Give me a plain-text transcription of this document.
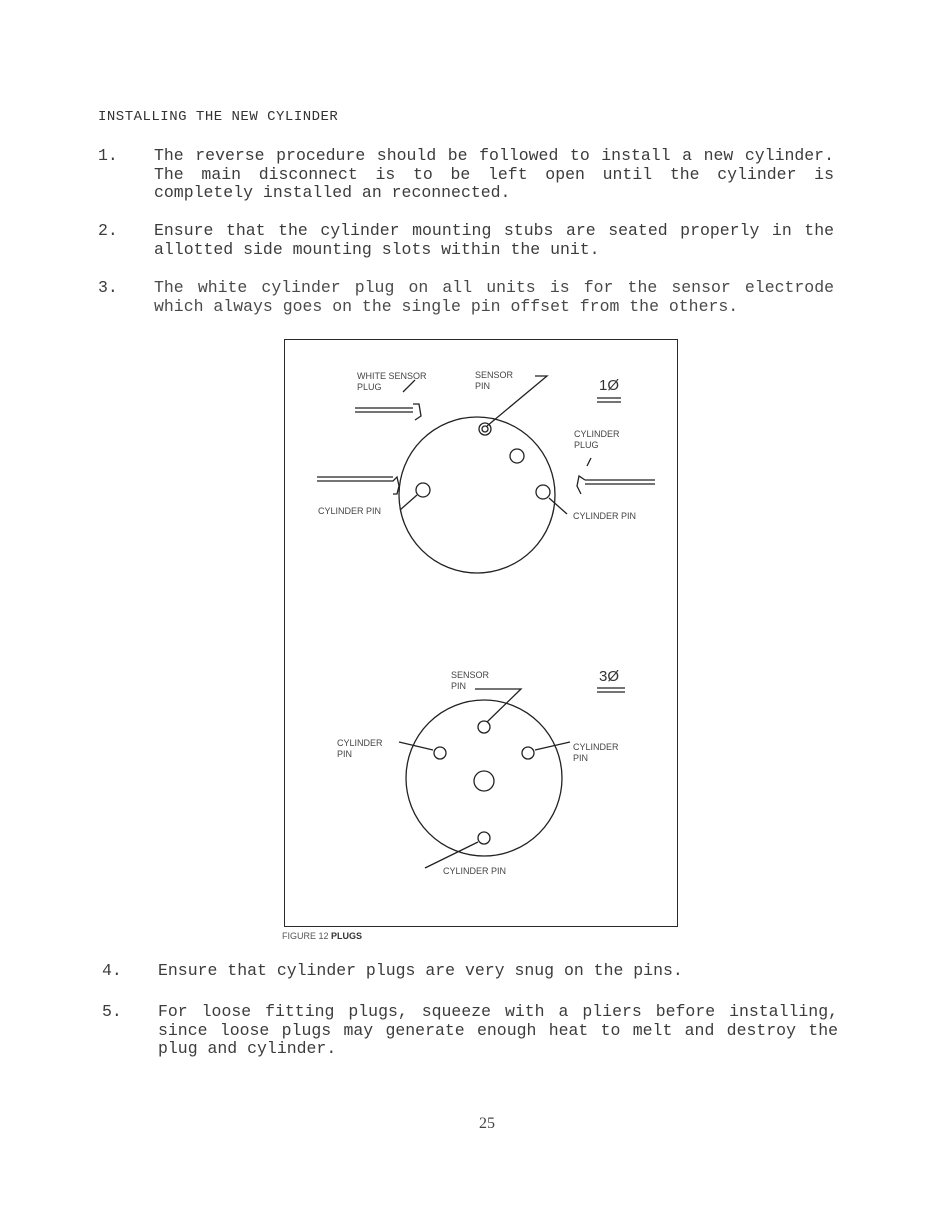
INSTALLING THE NEW CYLINDER
1. The reverse procedure should be followed to install a new cylinder. The main disconnect is to be left open until the cylinder is completely installed an reconnected.
2. Ensure that the cylinder mounting stubs are seated properly in the allotted side mounting slots within the unit.
3. The white cylinder plug on all units is for the sensor electrode which always goes on the single pin offset from the others.
WHITE SENSOR
PLUG
SENSOR
PIN	1Ø
CYLINDER
PLUG
CYLINDER PIN	CYLINDER PIN
SENSOR
PIN
3Ø
CYLINDER
PIN
CYLINDER
PIN
CYLINDER PIN
FIGURE 12 PLUGS
4. Ensure that cylinder plugs are very snug on the pins.
5. For loose fitting plugs, squeeze with a pliers before installing, since loose plugs may generate enough heat to melt and destroy the plug and cylinder.
25
